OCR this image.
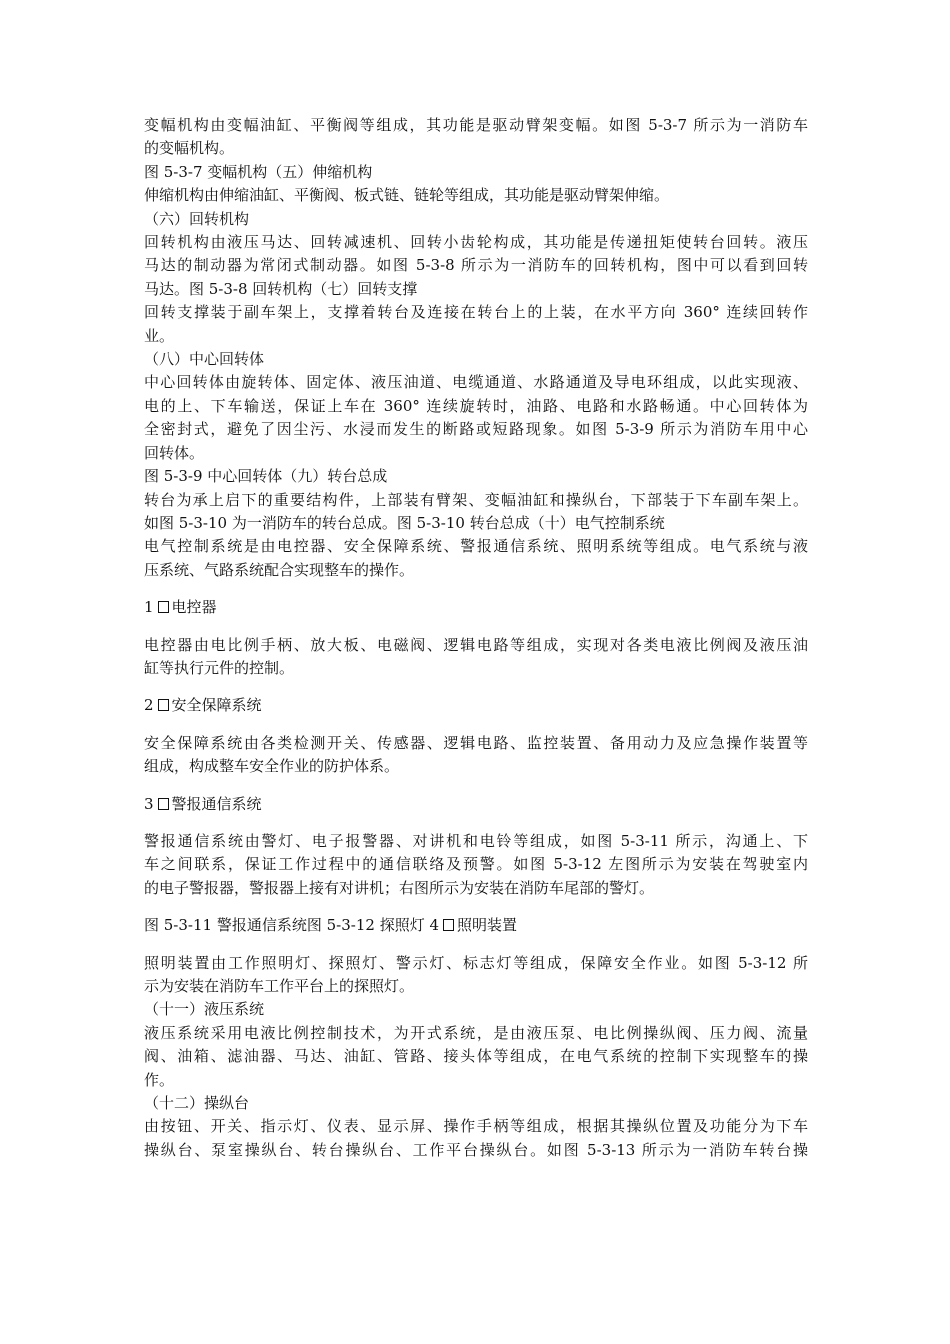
变幅机构由变幅油缸、平衡阀等组成，其功能是驱动臂架变幅。如图 5-3-7 所示为一消防车

的变幅机构。

图 5-3-7 变幅机构（五）伸缩机构

伸缩机构由伸缩油缸、平衡阀、板式链、链轮等组成，其功能是驱动臂架伸缩。

（六）回转机构

回转机构由液压马达、回转减速机、回转小齿轮构成，其功能是传递扭矩使转台回转。液压

马达的制动器为常闭式制动器。如图 5-3-8 所示为一消防车的回转机构，图中可以看到回转

马达。图 5-3-8 回转机构（七）回转支撑

回转支撑装于副车架上，支撑着转台及连接在转台上的上装，在水平方向 360° 连续回转作

业。

（八）中心回转体

中心回转体由旋转体、固定体、液压油道、电缆通道、水路通道及导电环组成，以此实现液、

电的上、下车输送，保证上车在 360° 连续旋转时，油路、电路和水路畅通。中心回转体为

全密封式，避免了因尘污、水浸而发生的断路或短路现象。如图 5-3-9 所示为消防车用中心

回转体。

图 5-3-9 中心回转体（九）转台总成

转台为承上启下的重要结构件，上部装有臂架、变幅油缸和操纵台，下部装于下车副车架上。

如图 5-3-10 为一消防车的转台总成。图 5-3-10 转台总成（十）电气控制系统

电气控制系统是由电控器、安全保障系统、警报通信系统、照明系统等组成。电气系统与液

压系统、气路系统配合实现整车的操作。

1 电控器

电控器由电比例手柄、放大板、电磁阀、逻辑电路等组成，实现对各类电液比例阀及液压油

缸等执行元件的控制。

2 安全保障系统

安全保障系统由各类检测开关、传感器、逻辑电路、监控装置、备用动力及应急操作装置等

组成，构成整车安全作业的防护体系。

3 警报通信系统

警报通信系统由警灯、电子报警器、对讲机和电铃等组成，如图 5-3-11 所示，沟通上、下

车之间联系，保证工作过程中的通信联络及预警。如图 5-3-12 左图所示为安装在驾驶室内

的电子警报器，警报器上接有对讲机；右图所示为安装在消防车尾部的警灯。

图 5-3-11 警报通信系统图 5-3-12 探照灯 4 照明装置

照明装置由工作照明灯、探照灯、警示灯、标志灯等组成，保障安全作业。如图 5-3-12 所

示为安装在消防车工作平台上的探照灯。

（十一）液压系统

液压系统采用电液比例控制技术，为开式系统，是由液压泵、电比例操纵阀、压力阀、流量

阀、油箱、滤油器、马达、油缸、管路、接头体等组成，在电气系统的控制下实现整车的操

作。

（十二）操纵台

由按钮、开关、指示灯、仪表、显示屏、操作手柄等组成，根据其操纵位置及功能分为下车

操纵台、泵室操纵台、转台操纵台、工作平台操纵台。如图 5-3-13 所示为一消防车转台操
